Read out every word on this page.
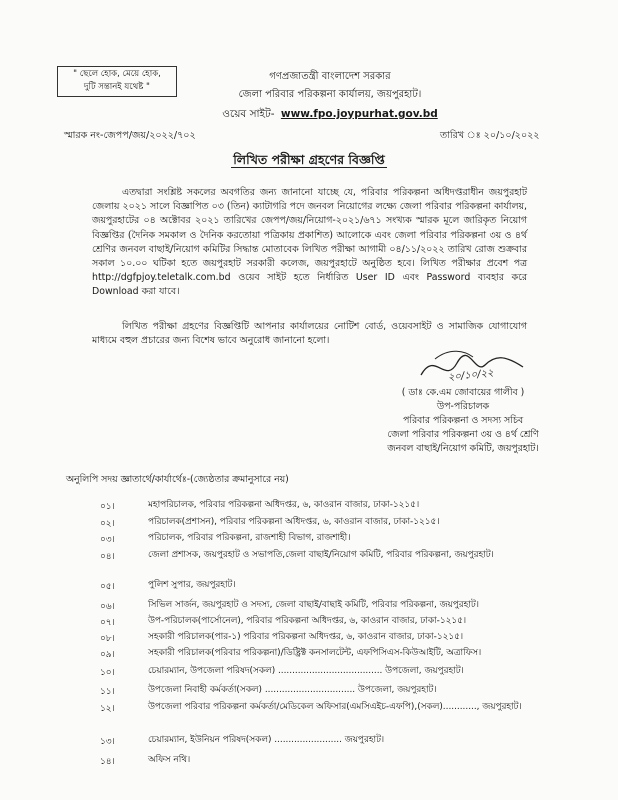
" ছেলে হোক, মেয়ে হোক,
দুটি সন্তানই যথেষ্ট "
গণপ্রজাতন্ত্রী বাংলাদেশ সরকার
জেলা পরিবার পরিকল্পনা কার্যালয়, জয়পুরহাট।
ওয়েব সাইট- www.fpo.joypurhat.gov.bd
স্মারক নং-জেপপ/জয়/২০২২/৭০২	তারিখ ঃ ২০/১০/২০২২
লিখিত পরীক্ষা গ্রহণের বিজ্ঞপ্তি
এতদ্বারা সংশ্লিষ্ট সকলের অবগতির জন্য জানানো যাচ্ছে যে, পরিবার পরিকল্পনা অধিদপ্তরাধীন জয়পুরহাট জেলায় ২০২১ সালে বিজ্ঞাপিত ০৩ (তিন) ক্যাটাগরি পদে জনবল নিয়োগের লক্ষ্যে জেলা পরিবার পরিকল্পনা কার্যালয়, জয়পুরহাটের ০৪ অক্টোবর ২০২১ তারিখের জেপপ/জয়/নিয়োগ-২০২১/৬৭১ সংখ্যক স্মারক মূলে জারিকৃত নিয়োগ বিজ্ঞপ্তির (দৈনিক সমকাল ও দৈনিক করতোয়া পত্রিকায় প্রকাশিত) আলোকে এবং জেলা পরিবার পরিকল্পনা ৩য় ও ৪র্থ শ্রেণির জনবল বাছাই/নিয়োগ কমিটির সিদ্ধান্ত মোতাবেক লিখিত পরীক্ষা আগামী ০৪/১১/২০২২ তারিখ রোজ শুক্রবার সকাল ১০.০০ ঘটিকা হতে জয়পুরহাট সরকারী কলেজ, জয়পুরহাটে অনুষ্ঠিত হবে। লিখিত পরীক্ষার প্রবেশ পত্র http://dgfpjoy.teletalk.com.bd ওয়েব সাইট হতে নির্ধারিত User ID এবং Password ব্যবহার করে Download করা যাবে।
লিখিত পরীক্ষা গ্রহণের বিজ্ঞপ্তিটি আপনার কার্যালয়ের নোটিশ বোর্ড, ওয়েবসাইট ও সামাজিক যোগাযোগ মাধ্যমে বহুল প্রচারের জন্য বিশেষ ভাবে অনুরোধ জানানো হলো।
২০/১০/২২
( ডাঃ কে.এম জোবায়ের গালীব )
উপ-পরিচালক
পরিবার পরিকল্পনা ও সদস্য সচিব
জেলা পরিবার পরিকল্পনা ৩য় ও ৪র্থ শ্রেণি
জনবল বাছাই/নিয়োগ কমিটি, জয়পুরহাট।
অনুলিপি সদয় জ্ঞাতার্থে/কার্যার্থেঃ-(জ্যেষ্ঠতার ক্রমানুসারে নয়)
০১।	মহাপরিচালক, পরিবার পরিকল্পনা অধিদপ্তর, ৬, কাওরান বাজার, ঢাকা-১২১৫।
০২।	পরিচালক(প্রশাসন), পরিবার পরিকল্পনা অধিদপ্তর, ৬, কাওরান বাজার, ঢাকা-১২১৫।
০৩।	পরিচালক, পরিবার পরিকল্পনা, রাজশাহী বিভাগ, রাজশাহী।
০৪।	জেলা প্রশাসক, জয়পুরহাট ও সভাপতি,জেলা বাছাই/নিয়োগ কমিটি, পরিবার পরিকল্পনা, জয়পুরহাট।
০৫।	পুলিশ সুপার, জয়পুরহাট।
০৬।	সিভিল সার্জন, জয়পুরহাট ও সদস্য, জেলা বাছাই/বাছাই কমিটি, পরিবার পরিকল্পনা, জয়পুরহাট।
০৭।	উপ-পরিচালক(পার্সোনেল), পরিবার পরিকল্পনা অধিদপ্তর, ৬, কাওরান বাজার, ঢাকা-১২১৫।
০৮।	সহকারী পরিচালক(পার-১) পরিবার পরিকল্পনা অধিদপ্তর, ৬, কাওরান বাজার, ঢাকা-১২১৫।
০৯।	সহকারী পরিচালক(পরিবার পরিকল্পনা)/ডিষ্ট্রিক্ট কনসালটেন্ট, এফপিসিএস-কিউআইটি, অত্রাফিস।
১০।	চেয়ারম্যান, উপজেলা পরিষদ(সকল) ..................................... উপজেলা, জয়পুরহাট।
১১।	উপজেলা নিবাহী কর্মকর্তা(সকল) ................................ উপজেলা, জয়পুরহাট।
১২।	উপজেলা পরিবার পরিকল্পনা কর্মকর্তা/মেডিকেল অফিসার(এমসিএইচ-এফপি),(সকল)............, জয়পুরহাট।
১৩।	চেয়ারম্যান, ইউনিয়ন পরিষদ(সকল) ........................ জয়পুরহাট।
১৪।	অফিস নথি।
